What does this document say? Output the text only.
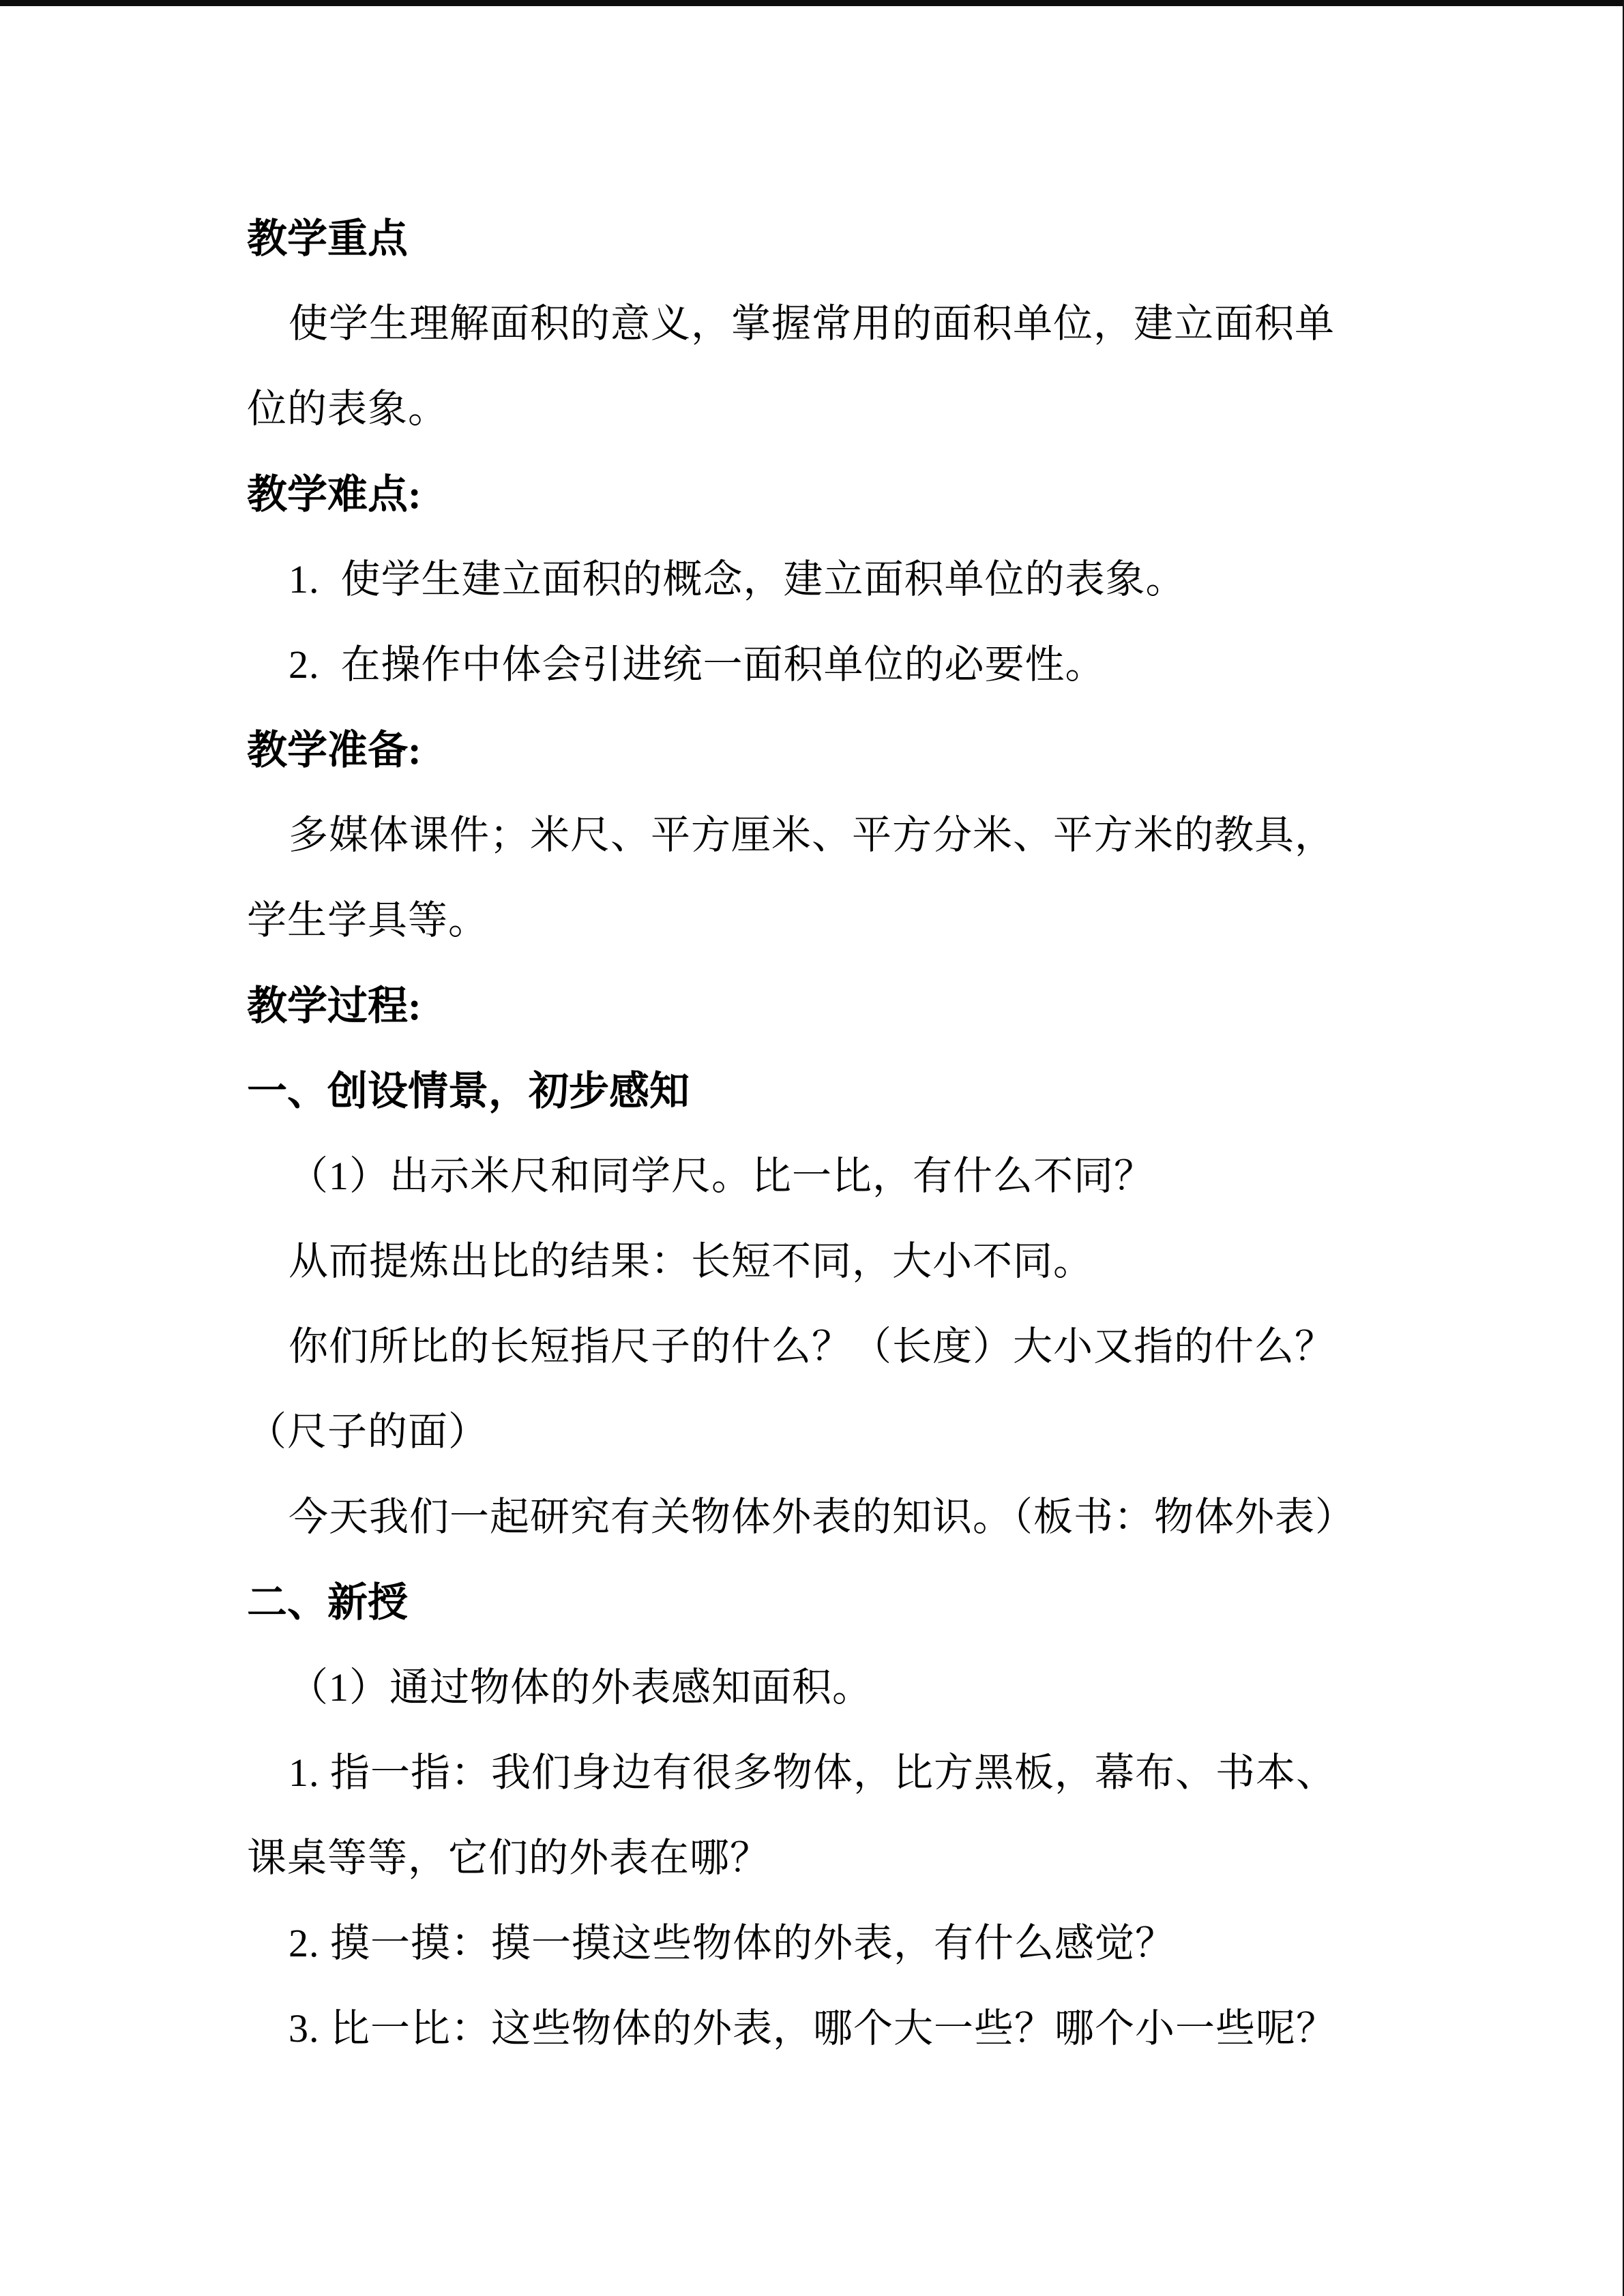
教学重点
使学生理解面积的意义，掌握常用的面积单位，建立面积单
位的表象。
教学难点:
1.  使学生建立面积的概念，建立面积单位的表象。
2.  在操作中体会引进统一面积单位的必要性。
教学准备:
多媒体课件；米尺、平方厘米、平方分米、平方米的教具，
学生学具等。
教学过程:
一、创设情景，初步感知
（1）出示米尺和同学尺。比一比，有什么不同？
从而提炼出比的结果：长短不同，大小不同。
你们所比的长短指尺子的什么？（长度）大小又指的什么？
（尺子的面）
今天我们一起研究有关物体外表的知识。（板书：物体外表）
二、新授
（1）通过物体的外表感知面积。
1. 指一指：我们身边有很多物体，比方黑板，幕布、书本、
课桌等等，它们的外表在哪？
2. 摸一摸：摸一摸这些物体的外表，有什么感觉？
3. 比一比：这些物体的外表，哪个大一些？哪个小一些呢？
